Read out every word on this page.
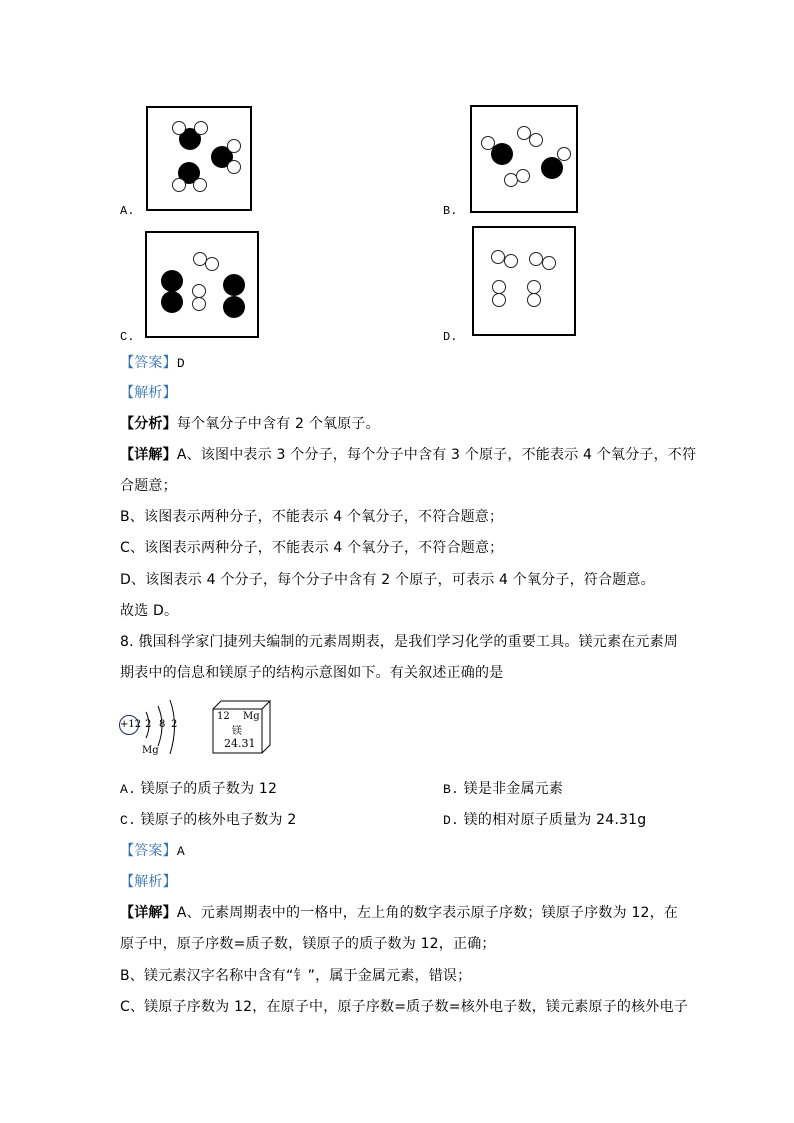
A.	B.
C.	D.
【答案】D
【解析】
【分析】每个氧分子中含有 2 个氧原子。
【详解】A、该图中表示 3 个分子，每个分子中含有 3 个原子，不能表示 4 个氧分子，不符
合题意；
B、该图表示两种分子，不能表示 4 个氧分子，不符合题意；
C、该图表示两种分子，不能表示 4 个氧分子，不符合题意；
D、该图表示 4 个分子，每个分子中含有 2 个原子，可表示 4 个氧分子，符合题意。
故选 D。
8. 俄国科学家门捷列夫编制的元素周期表，是我们学习化学的重要工具。镁元素在元素周
期表中的信息和镁原子的结构示意图如下。有关叙述正确的是
+12 2 8 2
Mg
12 Mg
镁
24.31
A. 镁原子的质子数为 12	B. 镁是非金属元素
C. 镁原子的核外电子数为 2	D. 镁的相对原子质量为 24.31g
【答案】A
【解析】
【详解】A、元素周期表中的一格中，左上角的数字表示原子序数；镁原子序数为 12，在
原子中，原子序数=质子数，镁原子的质子数为 12，正确；
B、镁元素汉字名称中含有“钅”，属于金属元素，错误；
C、镁原子序数为 12，在原子中，原子序数=质子数=核外电子数，镁元素原子的核外电子
